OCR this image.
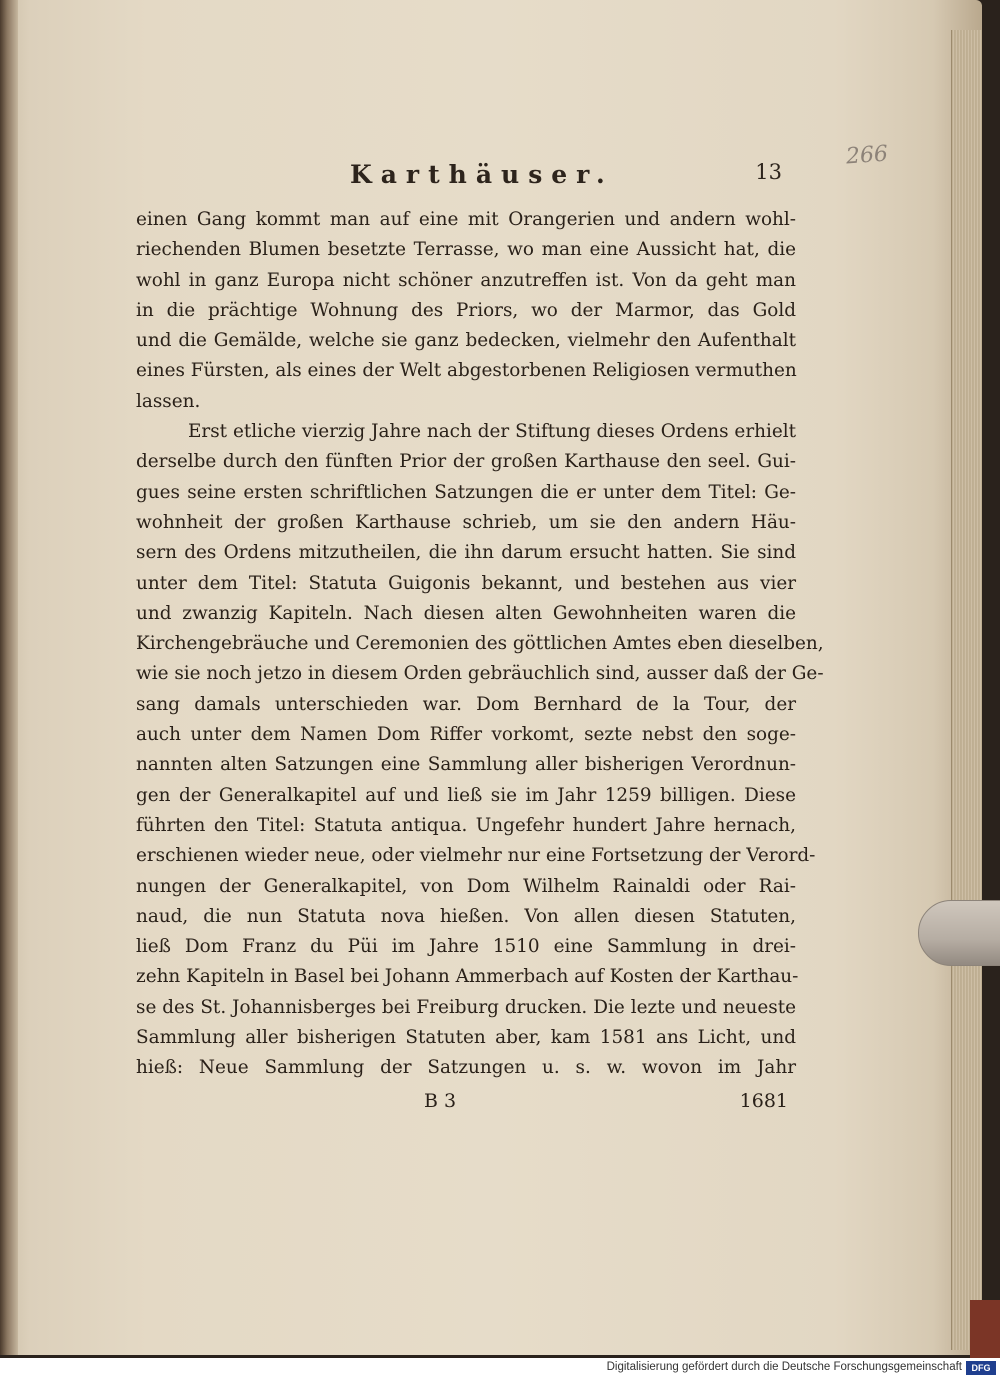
266
Karthäuser.	13
einen Gang kommt man auf eine mit Orangerien und andern wohl-
riechenden Blumen besetzte Terrasse, wo man eine Aussicht hat, die
wohl in ganz Europa nicht schöner anzutreffen ist. Von da geht man
in die prächtige Wohnung des Priors, wo der Marmor, das Gold
und die Gemälde, welche sie ganz bedecken, vielmehr den Aufenthalt
eines Fürsten, als eines der Welt abgestorbenen Religiosen vermuthen
lassen.
Erst etliche vierzig Jahre nach der Stiftung dieses Ordens erhielt
derselbe durch den fünften Prior der großen Karthause den seel. Gui-
gues seine ersten schriftlichen Satzungen die er unter dem Titel: Ge-
wohnheit der großen Karthause schrieb, um sie den andern Häu-
sern des Ordens mitzutheilen, die ihn darum ersucht hatten. Sie sind
unter dem Titel: Statuta Guigonis bekannt, und bestehen aus vier
und zwanzig Kapiteln. Nach diesen alten Gewohnheiten waren die
Kirchengebräuche und Ceremonien des göttlichen Amtes eben dieselben,
wie sie noch jetzo in diesem Orden gebräuchlich sind, ausser daß der Ge-
sang damals unterschieden war. Dom Bernhard de la Tour, der
auch unter dem Namen Dom Riffer vorkomt, sezte nebst den soge-
nannten alten Satzungen eine Sammlung aller bisherigen Verordnun-
gen der Generalkapitel auf und ließ sie im Jahr 1259 billigen. Diese
führten den Titel: Statuta antiqua. Ungefehr hundert Jahre hernach,
erschienen wieder neue, oder vielmehr nur eine Fortsetzung der Verord-
nungen der Generalkapitel, von Dom Wilhelm Rainaldi oder Rai-
naud, die nun Statuta nova hießen. Von allen diesen Statuten,
ließ Dom Franz du Püi im Jahre 1510 eine Sammlung in drei-
zehn Kapiteln in Basel bei Johann Ammerbach auf Kosten der Karthau-
se des St. Johannisberges bei Freiburg drucken. Die lezte und neueste
Sammlung aller bisherigen Statuten aber, kam 1581 ans Licht, und
hieß: Neue Sammlung der Satzungen u. s. w. wovon im Jahr
B 3	1681
Digitalisierung gefördert durch die Deutsche Forschungsgemeinschaft	DFG
